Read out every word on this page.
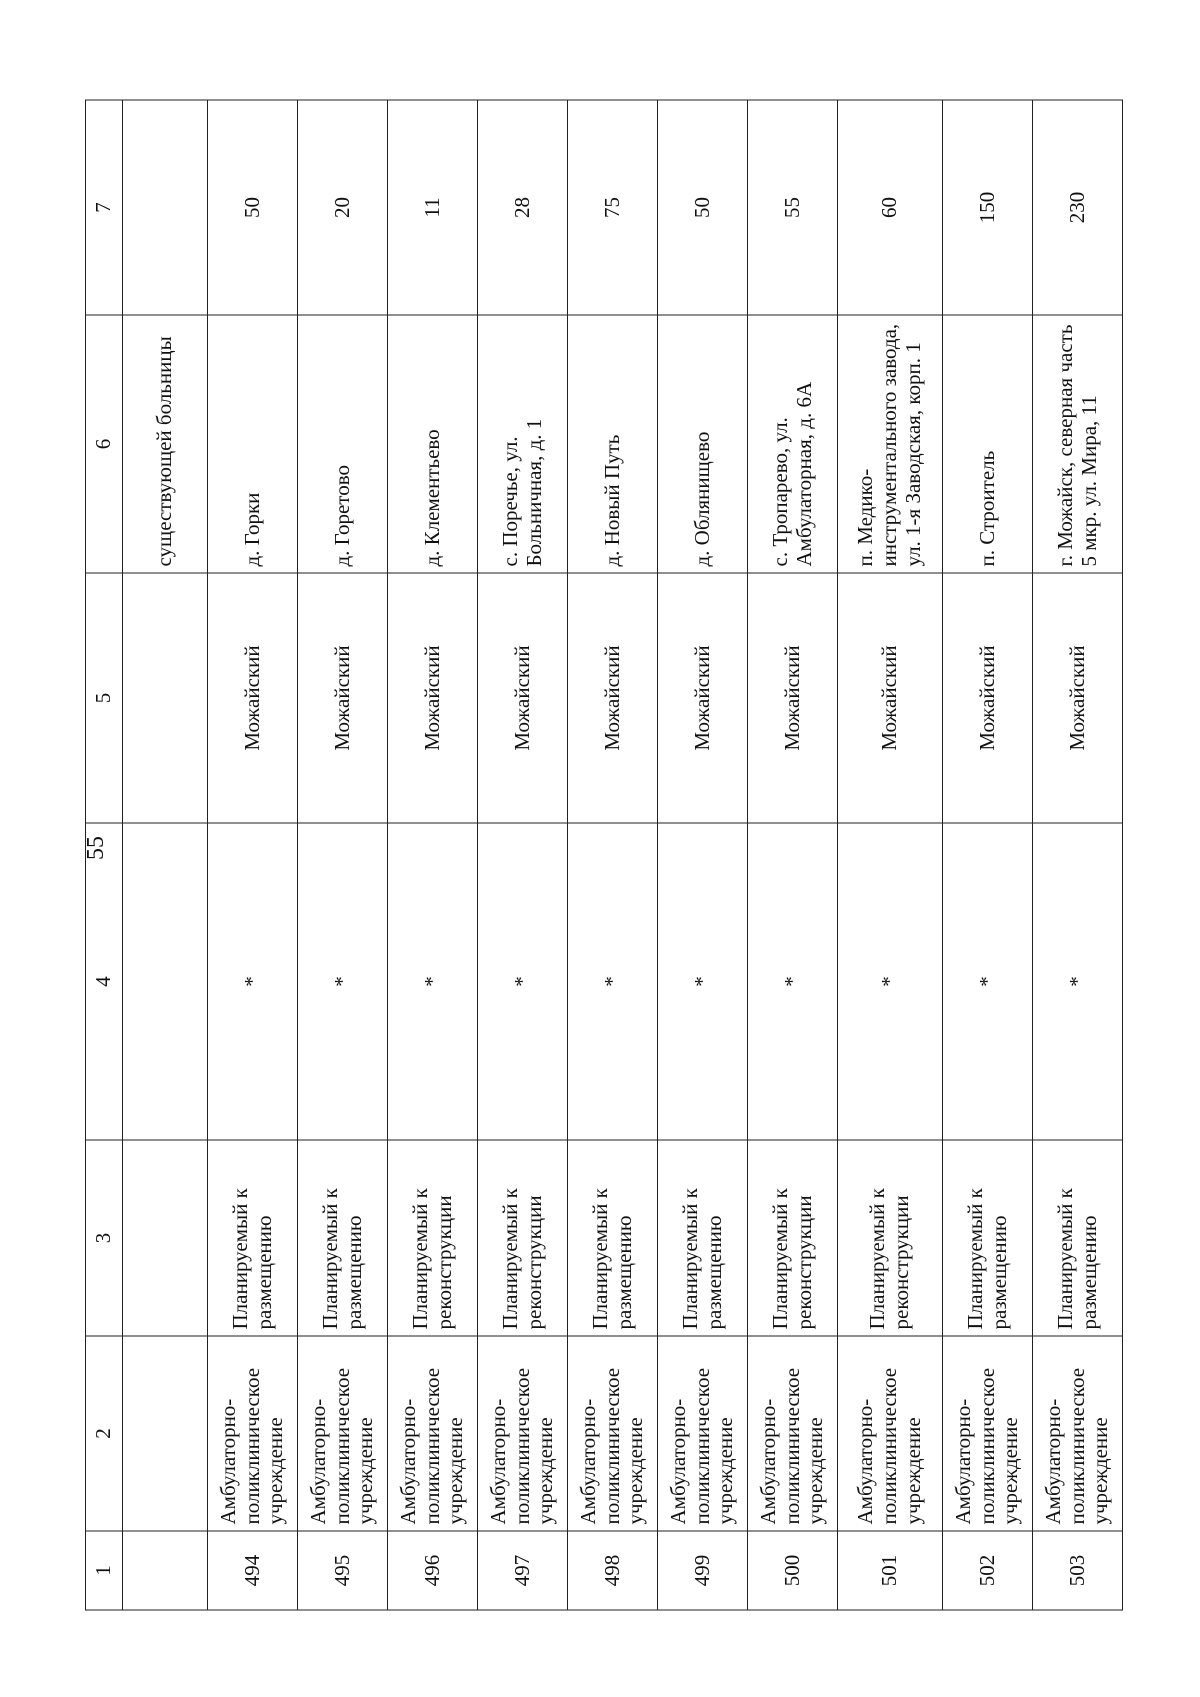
55
1	2	3	4	5	6	7
					существующей больницы	
494	Амбулаторно-поликлиническое учреждение	Планируемый к размещению	*	Можайский	д. Горки	50
495	Амбулаторно-поликлиническое учреждение	Планируемый к размещению	*	Можайский	д. Горетово	20
496	Амбулаторно-поликлиническое учреждение	Планируемый к реконструкции	*	Можайский	д. Клементьево	11
497	Амбулаторно-поликлиническое учреждение	Планируемый к реконструкции	*	Можайский	с. Поречье, ул. Больничная, д. 1	28
498	Амбулаторно-поликлиническое учреждение	Планируемый к размещению	*	Можайский	д. Новый Путь	75
499	Амбулаторно-поликлиническое учреждение	Планируемый к размещению	*	Можайский	д. Облянищево	50
500	Амбулаторно-поликлиническое учреждение	Планируемый к реконструкции	*	Можайский	с. Тропарево, ул. Амбулаторная, д. 6А	55
501	Амбулаторно-поликлиническое учреждение	Планируемый к реконструкции	*	Можайский	п. Медико-инструментального завода, ул. 1-я Заводская, корп. 1	60
502	Амбулаторно-поликлиническое учреждение	Планируемый к размещению	*	Можайский	п. Строитель	150
503	Амбулаторно-поликлиническое учреждение	Планируемый к размещению	*	Можайский	г. Можайск, северная часть 5 мкр. ул. Мира, 11	230
